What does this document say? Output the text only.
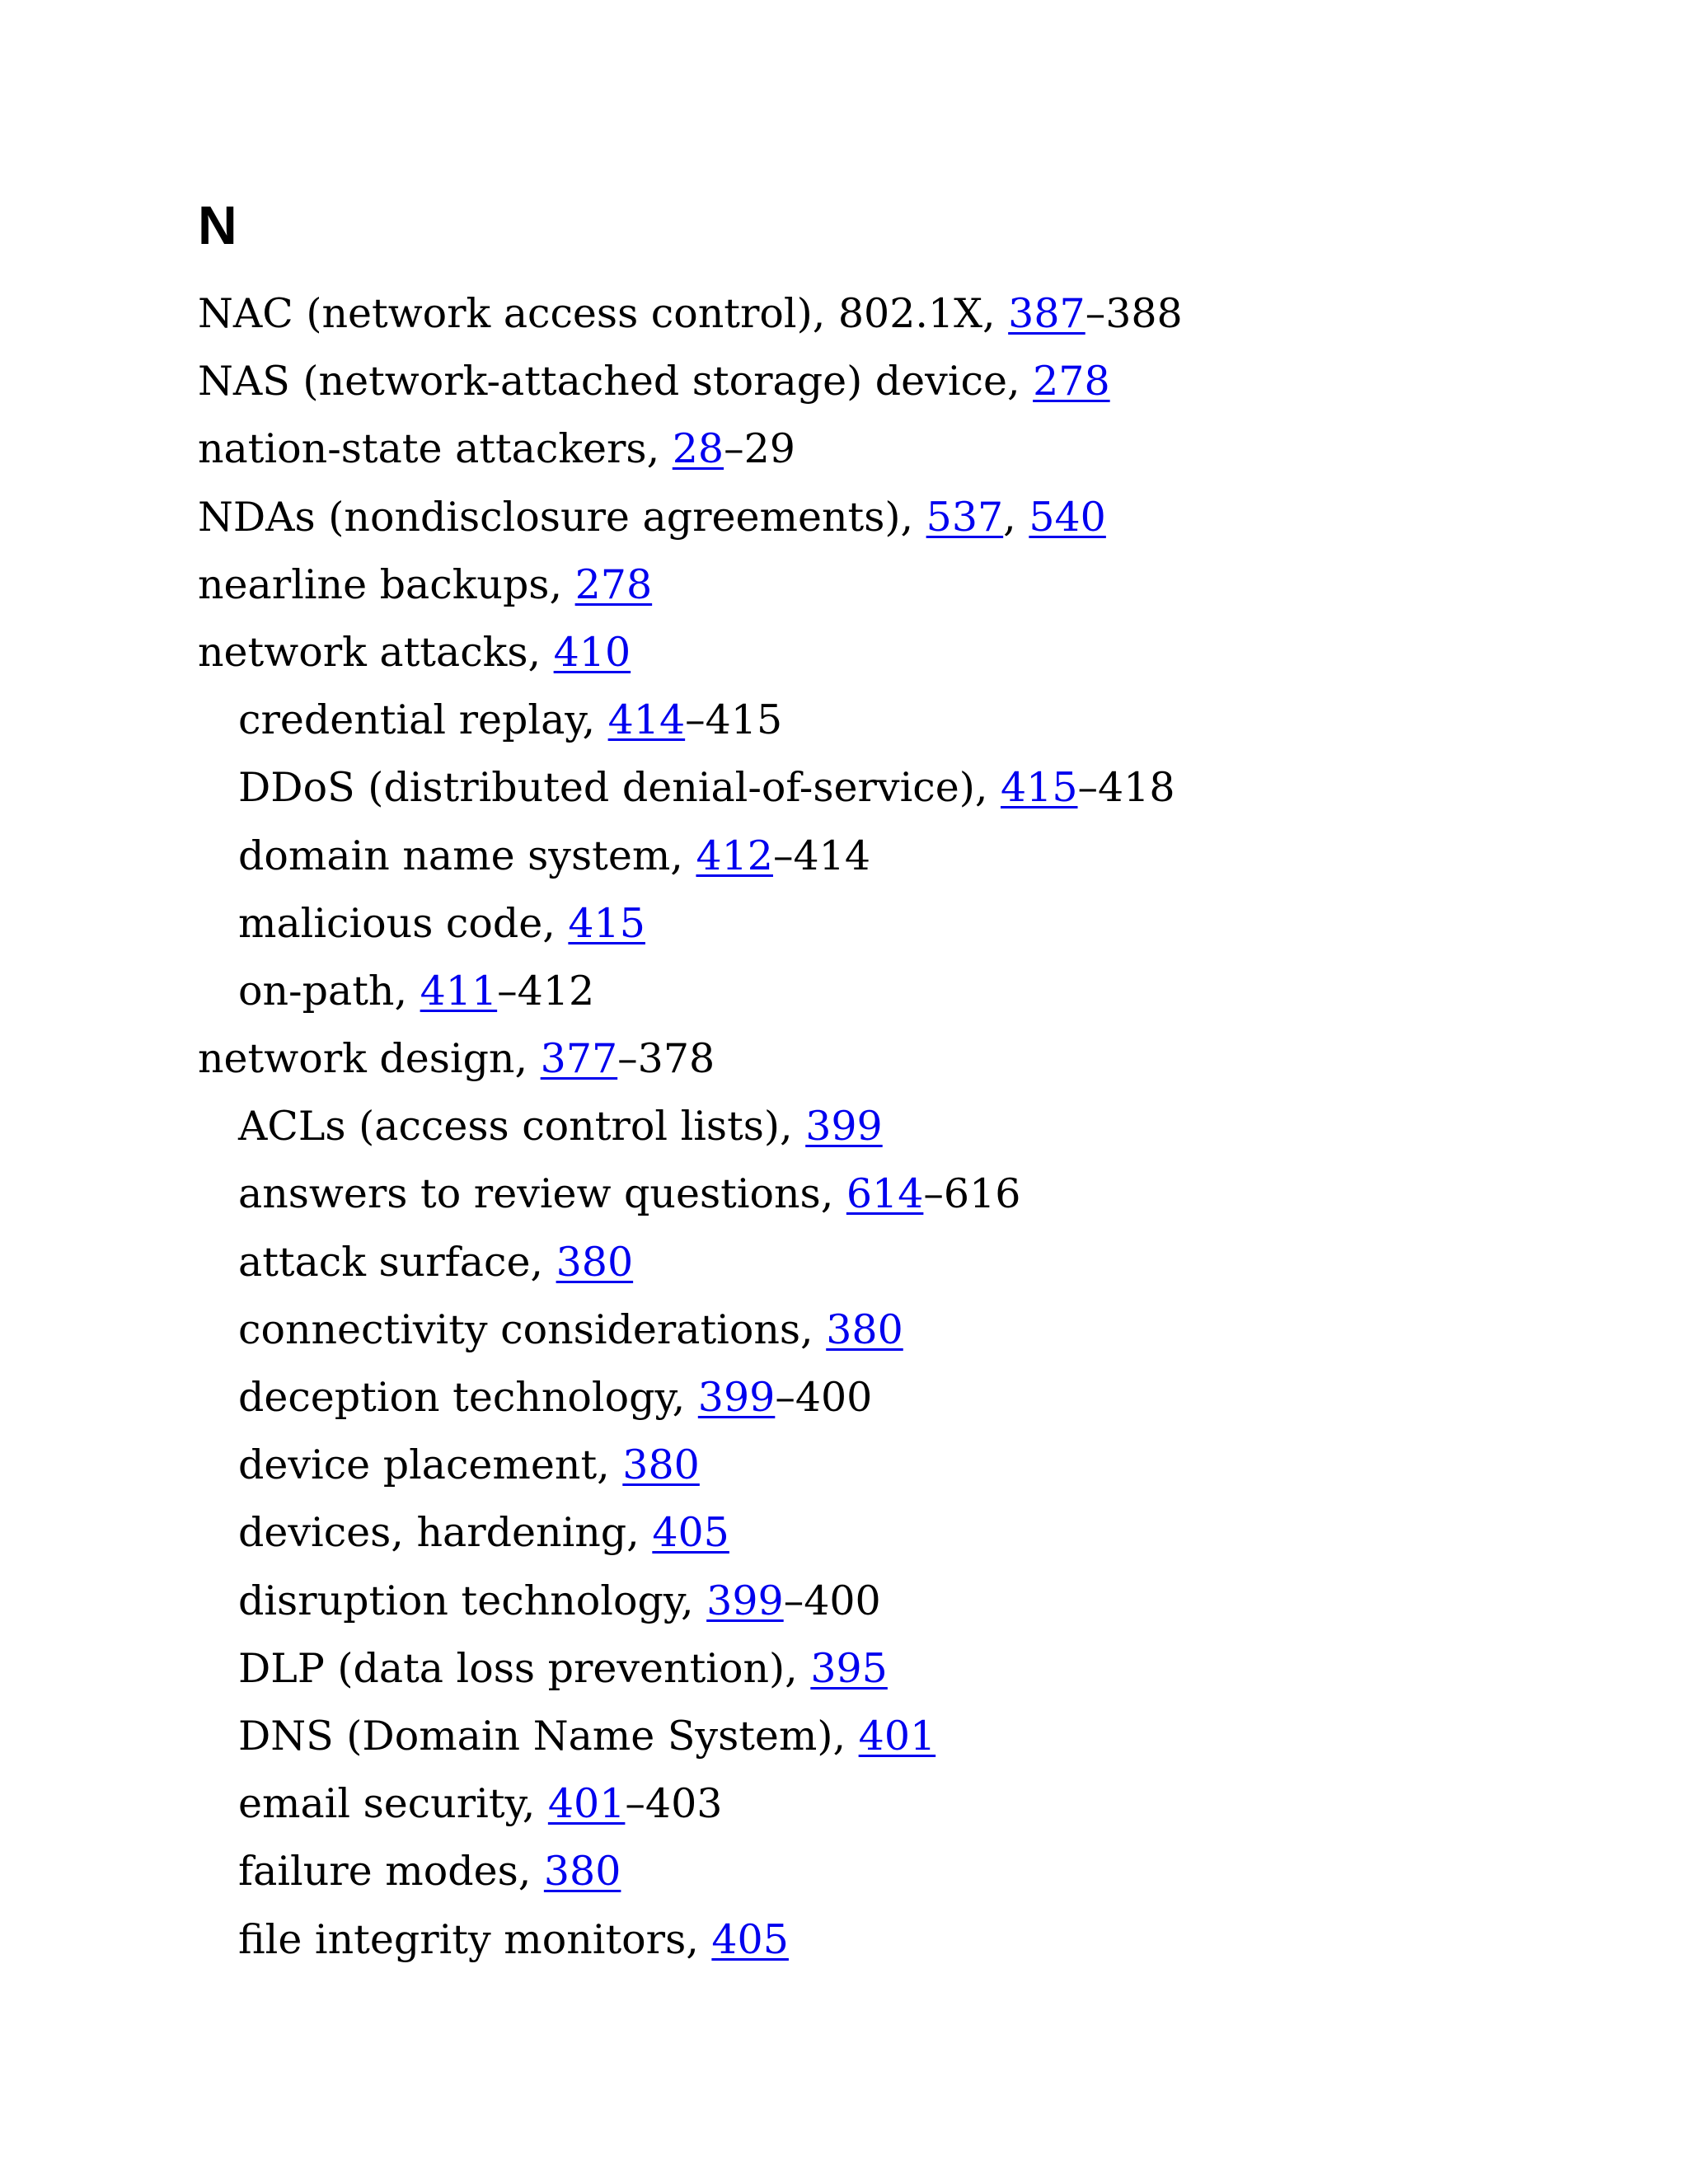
N
NAC (network access control), 802.1X, 387–388
NAS (network-attached storage) device, 278
nation-state attackers, 28–29
NDAs (nondisclosure agreements), 537, 540
nearline backups, 278
network attacks, 410
credential replay, 414–415
DDoS (distributed denial-of-service), 415–418
domain name system, 412–414
malicious code, 415
on-path, 411–412
network design, 377–378
ACLs (access control lists), 399
answers to review questions, 614–616
attack surface, 380
connectivity considerations, 380
deception technology, 399–400
device placement, 380
devices, hardening, 405
disruption technology, 399–400
DLP (data loss prevention), 395
DNS (Domain Name System), 401
email security, 401–403
failure modes, 380
file integrity monitors, 405
